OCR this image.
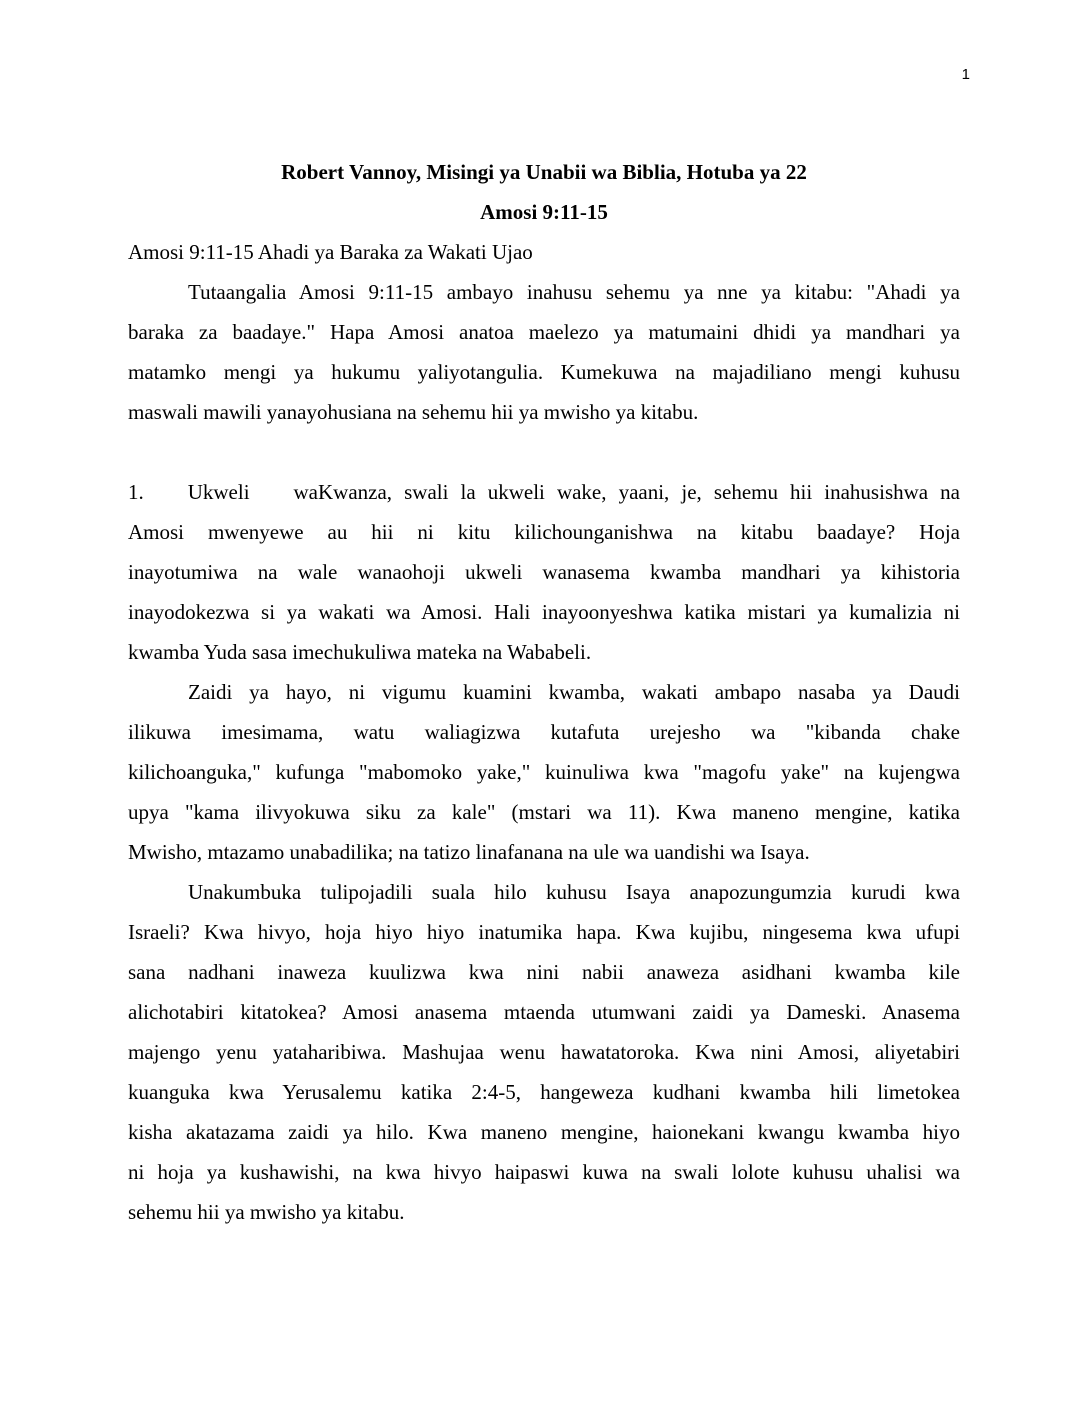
1

Robert Vannoy, Misingi ya Unabii wa Biblia, Hotuba ya 22

Amosi 9:11-15

Amosi 9:11-15 Ahadi ya Baraka za Wakati Ujao
Tutaangalia Amosi 9:11-15 ambayo inahusu sehemu ya nne ya kitabu: "Ahadi ya
baraka za baadaye." Hapa Amosi anatoa maelezo ya matumaini dhidi ya mandhari ya
matamko mengi ya hukumu yaliyotangulia. Kumekuwa na majadiliano mengi kuhusu
maswali mawili yanayohusiana na sehemu hii ya mwisho ya kitabu.
1. Ukweli wa Kwanza, swali la ukweli wake, yaani, je, sehemu hii inahusishwa na
Amosi mwenyewe au hii ni kitu kilichounganishwa na kitabu baadaye? Hoja
inayotumiwa na wale wanaohoji ukweli wanasema kwamba mandhari ya kihistoria
inayodokezwa si ya wakati wa Amosi. Hali inayoonyeshwa katika mistari ya kumalizia ni
kwamba Yuda sasa imechukuliwa mateka na Wababeli.
Zaidi ya hayo, ni vigumu kuamini kwamba, wakati ambapo nasaba ya Daudi
ilikuwa imesimama, watu waliagizwa kutafuta urejesho wa "kibanda chake
kilichoanguka," kufunga "mabomoko yake," kuinuliwa kwa "magofu yake" na kujengwa
upya "kama ilivyokuwa siku za kale" (mstari wa 11). Kwa maneno mengine, katika
Mwisho, mtazamo unabadilika; na tatizo linafanana na ule wa uandishi wa Isaya.
Unakumbuka tulipojadili suala hilo kuhusu Isaya anapozungumzia kurudi kwa
Israeli? Kwa hivyo, hoja hiyo hiyo inatumika hapa. Kwa kujibu, ningesema kwa ufupi
sana nadhani inaweza kuulizwa kwa nini nabii anaweza asidhani kwamba kile
alichotabiri kitatokea? Amosi anasema mtaenda utumwani zaidi ya Dameski. Anasema
majengo yenu yataharibiwa. Mashujaa wenu hawatatoroka. Kwa nini Amosi, aliyetabiri
kuanguka kwa Yerusalemu katika 2:4-5, hangeweza kudhani kwamba hili limetokea
kisha akatazama zaidi ya hilo. Kwa maneno mengine, haionekani kwangu kwamba hiyo
ni hoja ya kushawishi, na kwa hivyo haipaswi kuwa na swali lolote kuhusu uhalisi wa
sehemu hii ya mwisho ya kitabu.
